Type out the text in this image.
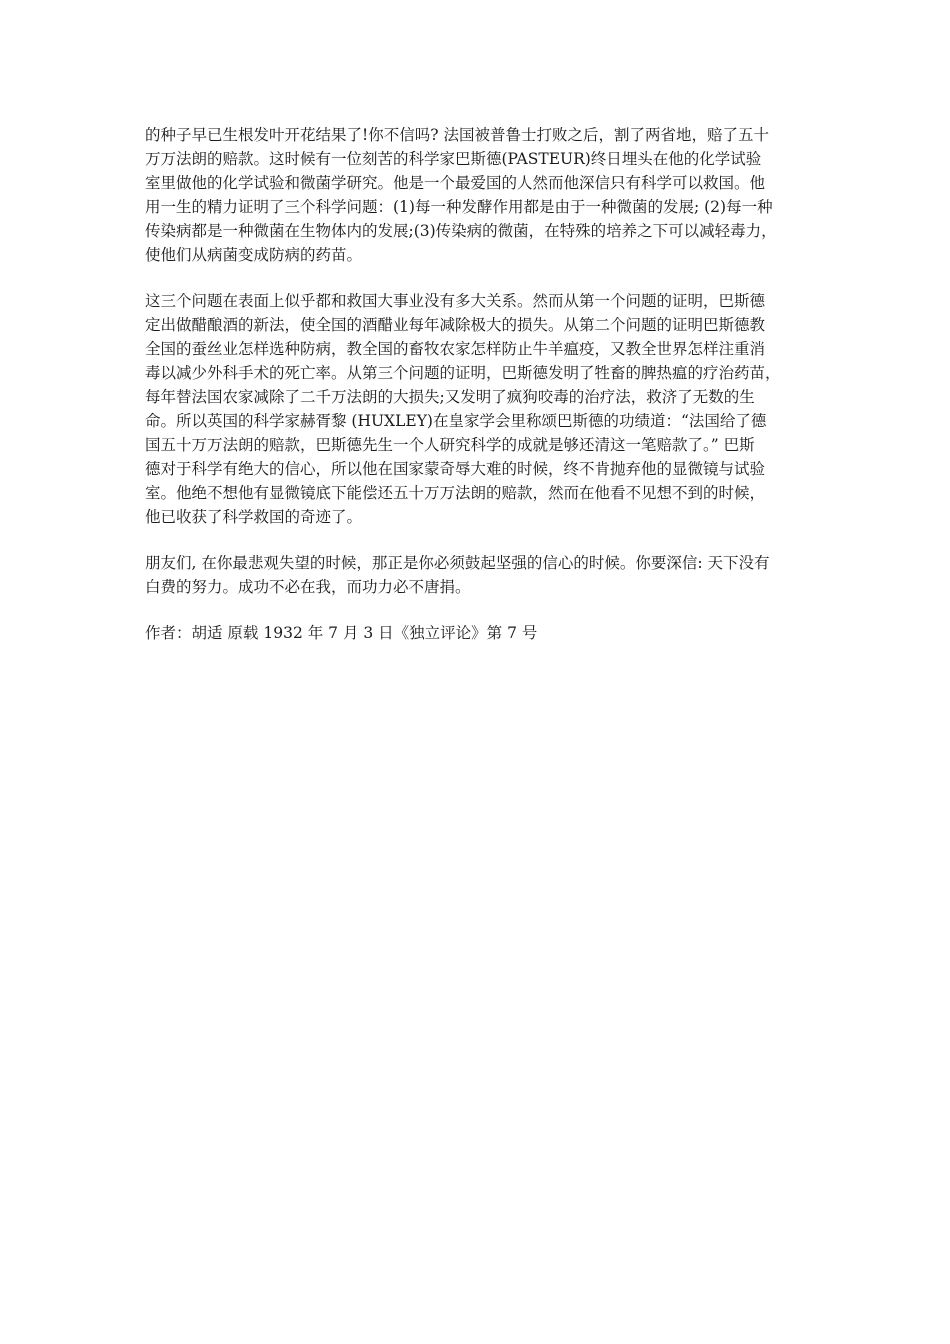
的种子早已生根发叶开花结果了!你不信吗? 法国被普鲁士打败之后，割了两省地，赔了五十
万万法朗的赔款。这时候有一位刻苦的科学家巴斯德(PASTEUR)终日埋头在他的化学试验
室里做他的化学试验和微菌学研究。他是一个最爱国的人然而他深信只有科学可以救国。他
用一生的精力证明了三个科学问题：(1)每一种发酵作用都是由于一种微菌的发展; (2)每一种
传染病都是一种微菌在生物体内的发展;(3)传染病的微菌，在特殊的培养之下可以减轻毒力，
使他们从病菌变成防病的药苗。
这三个问题在表面上似乎都和救国大事业没有多大关系。然而从第一个问题的证明，巴斯德
定出做醋酿酒的新法，使全国的酒醋业每年减除极大的损失。从第二个问题的证明巴斯德教
全国的蚕丝业怎样选种防病，教全国的畜牧农家怎样防止牛羊瘟疫，又教全世界怎样注重消
毒以减少外科手术的死亡率。从第三个问题的证明，巴斯德发明了牲畜的脾热瘟的疗治药苗，
每年替法国农家减除了二千万法朗的大损失;又发明了疯狗咬毒的治疗法，救济了无数的生
命。所以英国的科学家赫胥黎 (HUXLEY)在皇家学会里称颂巴斯德的功绩道：“法国给了德
国五十万万法朗的赔款，巴斯德先生一个人研究科学的成就是够还清这一笔赔款了。” 巴斯
德对于科学有绝大的信心，所以他在国家蒙奇辱大难的时候，终不肯抛弃他的显微镜与试验
室。他绝不想他有显微镜底下能偿还五十万万法朗的赔款，然而在他看不见想不到的时候，
他已收获了科学救国的奇迹了。
朋友们, 在你最悲观失望的时候，那正是你必须鼓起坚强的信心的时候。你要深信: 天下没有
白费的努力。成功不必在我，而功力必不唐捐。
作者：胡适 原载 1932 年 7 月 3 日《独立评论》第 7 号
